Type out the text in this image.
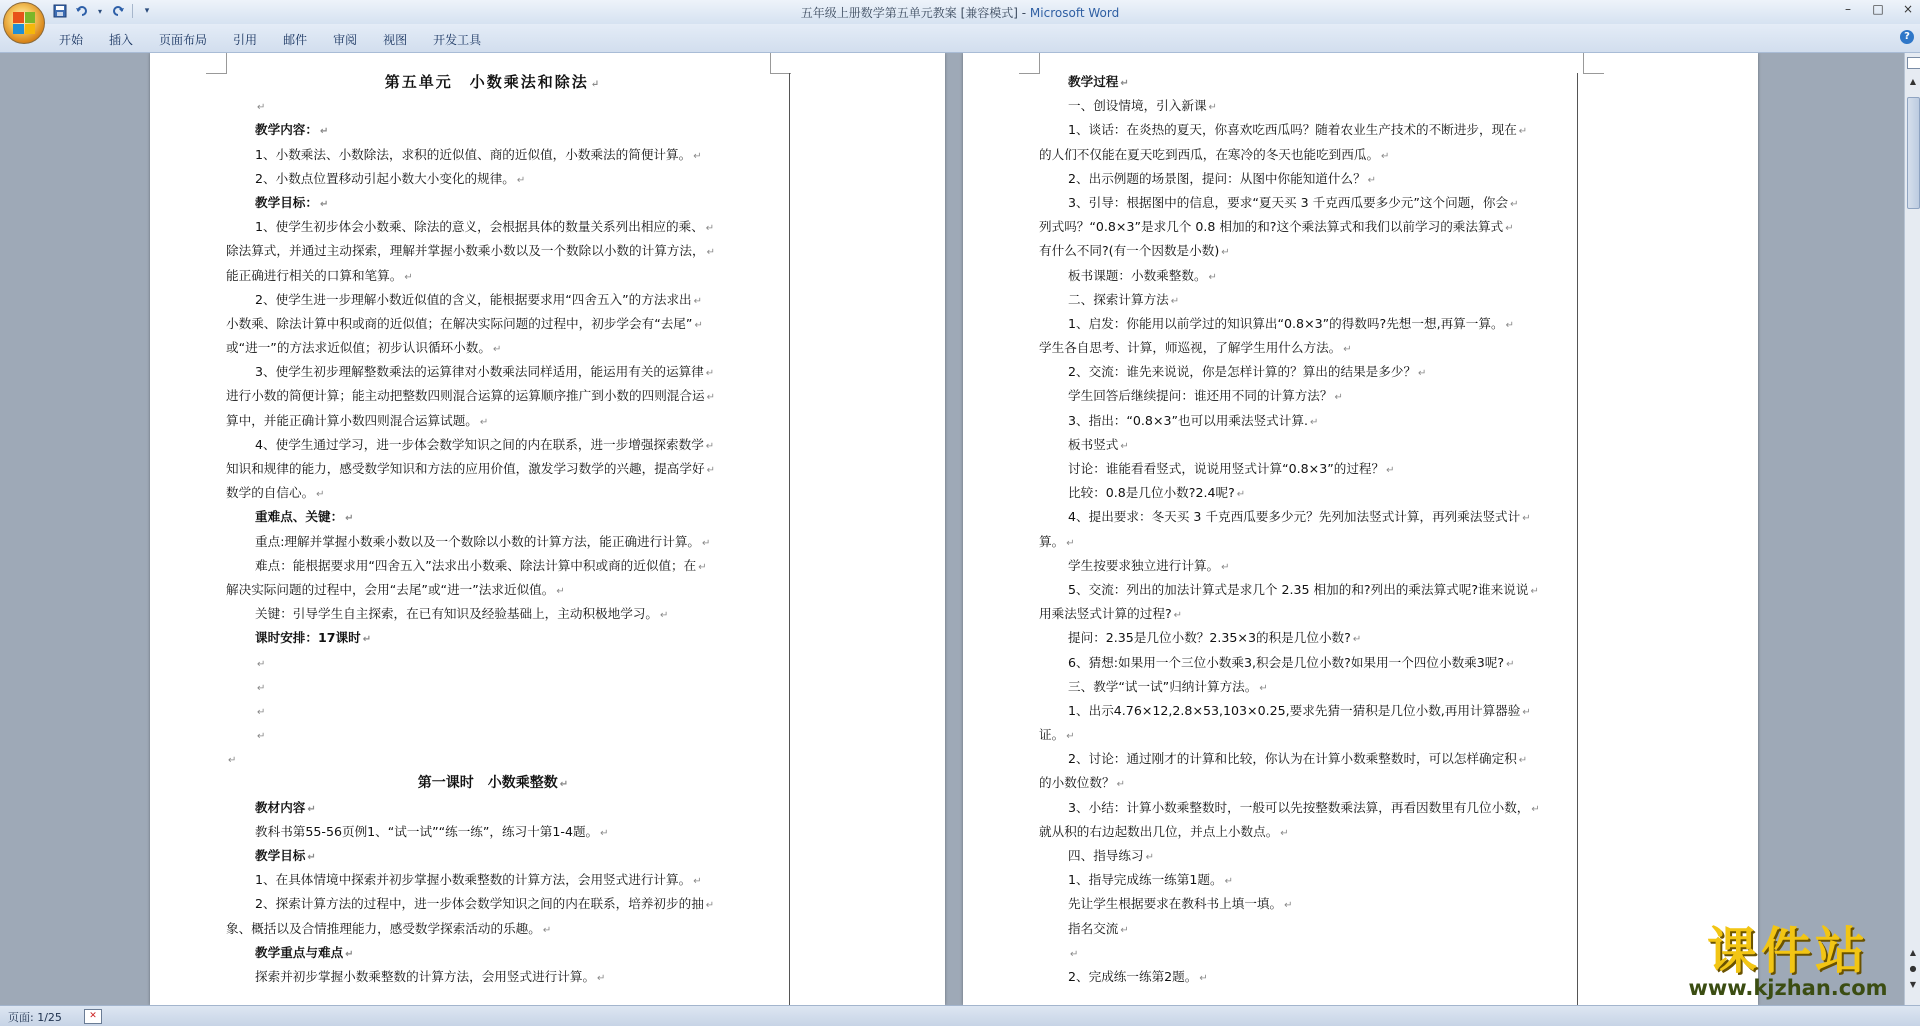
▾	▾	五年级上册数学第五单元教案 [兼容模式] - Microsoft Word	–	□ ×
开始	插入	页面布局	引用	邮件	审阅	视图	开发工具	?
第五单元　小数乘法和除法 ↵
↵
教学内容： ↵
1、小数乘法、小数除法，求积的近似值、商的近似值，小数乘法的简便计算。 ↵
2、小数点位置移动引起小数大小变化的规律。 ↵
教学目标： ↵
1、使学生初步体会小数乘、除法的意义，会根据具体的数量关系列出相应的乘、 ↵
除法算式，并通过主动探索，理解并掌握小数乘小数以及一个数除以小数的计算方法， ↵
能正确进行相关的口算和笔算。 ↵
2、使学生进一步理解小数近似值的含义，能根据要求用“四舍五入”的方法求出 ↵
小数乘、除法计算中积或商的近似值；在解决实际问题的过程中，初步学会有“去尾” ↵
或“进一”的方法求近似值；初步认识循环小数。 ↵
3、使学生初步理解整数乘法的运算律对小数乘法同样适用，能运用有关的运算律 ↵
进行小数的简便计算；能主动把整数四则混合运算的运算顺序推广到小数的四则混合运 ↵
算中，并能正确计算小数四则混合运算试题。 ↵
4、使学生通过学习，进一步体会数学知识之间的内在联系，进一步增强探索数学 ↵
知识和规律的能力，感受数学知识和方法的应用价值，激发学习数学的兴趣，提高学好 ↵
数学的自信心。 ↵
重难点、关键： ↵
重点:理解并掌握小数乘小数以及一个数除以小数的计算方法，能正确进行计算。 ↵
难点：能根据要求用“四舍五入”法求出小数乘、除法计算中积或商的近似值；在 ↵
解决实际问题的过程中，会用“去尾”或“进一”法求近似值。 ↵
关键：引导学生自主探索，在已有知识及经验基础上，主动积极地学习。 ↵
课时安排：17课时 ↵
↵
↵
↵
↵
↵
第一课时　小数乘整数 ↵
教材内容 ↵
教科书第55-56页例1、“试一试”“练一练”，练习十第1-4题。 ↵
教学目标 ↵
1、在具体情境中探索并初步掌握小数乘整数的计算方法，会用竖式进行计算。 ↵
2、探索计算方法的过程中，进一步体会数学知识之间的内在联系，培养初步的抽 ↵
象、概括以及合情推理能力，感受数学探索活动的乐趣。 ↵
教学重点与难点 ↵
探索并初步掌握小数乘整数的计算方法，会用竖式进行计算。 ↵
教学过程 ↵
一、创设情境，引入新课 ↵
1、谈话：在炎热的夏天，你喜欢吃西瓜吗？随着农业生产技术的不断进步，现在 ↵
的人们不仅能在夏天吃到西瓜，在寒冷的冬天也能吃到西瓜。 ↵
2、出示例题的场景图，提问：从图中你能知道什么？ ↵
3、引导：根据图中的信息，要求“夏天买 3 千克西瓜要多少元”这个问题，你会 ↵
列式吗？“0.8×3”是求几个 0.8 相加的和?这个乘法算式和我们以前学习的乘法算式 ↵
有什么不同?(有一个因数是小数) ↵
板书课题：小数乘整数。 ↵
二、探索计算方法 ↵
1、启发：你能用以前学过的知识算出“0.8×3”的得数吗?先想一想,再算一算。 ↵
学生各自思考、计算，师巡视，了解学生用什么方法。 ↵
2、交流：谁先来说说，你是怎样计算的？算出的结果是多少？ ↵
学生回答后继续提问：谁还用不同的计算方法？ ↵
3、指出：“0.8×3”也可以用乘法竖式计算. ↵
板书竖式 ↵
讨论：谁能看看竖式，说说用竖式计算“0.8×3”的过程？ ↵
比较：0.8是几位小数?2.4呢? ↵
4、提出要求：冬天买 3 千克西瓜要多少元？先列加法竖式计算，再列乘法竖式计 ↵
算。 ↵
学生按要求独立进行计算。 ↵
5、交流：列出的加法计算式是求几个 2.35 相加的和?列出的乘法算式呢?谁来说说 ↵
用乘法竖式计算的过程? ↵
提问：2.35是几位小数？2.35×3的积是几位小数? ↵
6、猜想:如果用一个三位小数乘3,积会是几位小数?如果用一个四位小数乘3呢? ↵
三、教学“试一试”归纳计算方法。 ↵
1、出示4.76×12,2.8×53,103×0.25,要求先猜一猜积是几位小数,再用计算器验 ↵
证。 ↵
2、讨论：通过刚才的计算和比较，你认为在计算小数乘整数时，可以怎样确定积 ↵
的小数位数？ ↵
3、小结：计算小数乘整数时，一般可以先按整数乘法算，再看因数里有几位小数， ↵
就从积的右边起数出几位，并点上小数点。 ↵
四、指导练习 ↵
1、指导完成练一练第1题。 ↵
先让学生根据要求在教科书上填一填。 ↵
指名交流 ↵
↵
2、完成练一练第2题。 ↵
▲
▲
●
▼
页面: 1/25	✕
课件站
www.kjzhan.com
